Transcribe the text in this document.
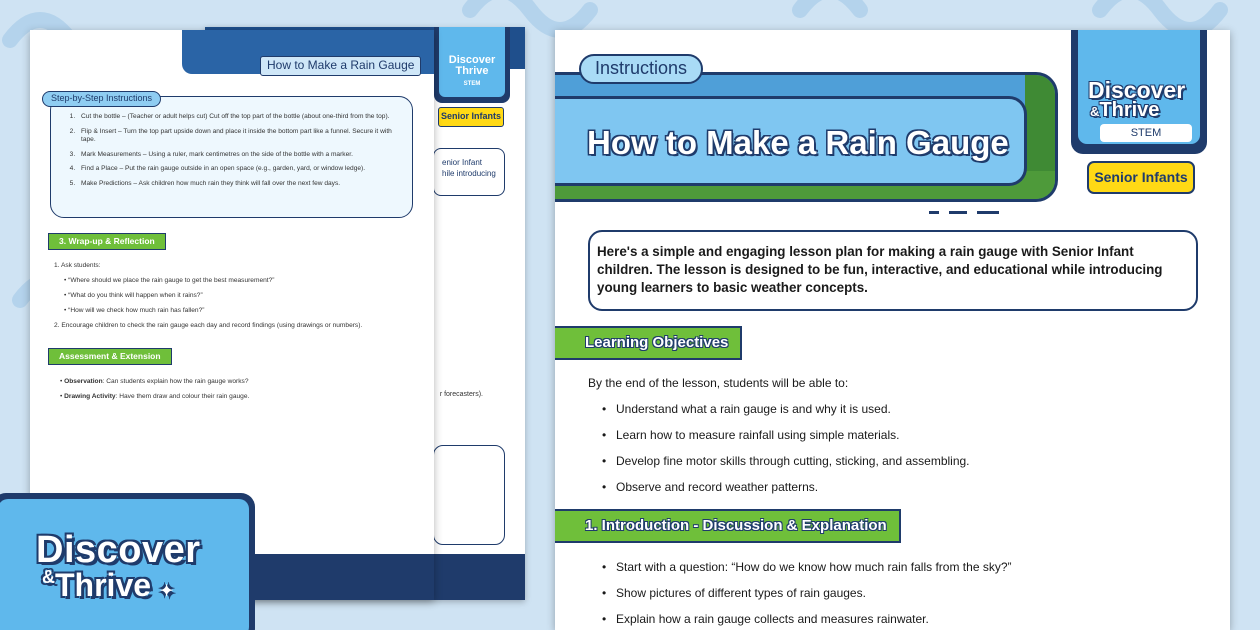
Discover
Thrive
STEM
Senior Infants
enior Infant
hile introducing
r forecasters).
How to Make a Rain Gauge
1. Cut the bottle – (Teacher or adult helps cut) Cut off the top part of the bottle (about one-third from the top).
2. Flip & Insert – Turn the top part upside down and place it inside the bottom part like a funnel. Secure it with tape.
3. Mark Measurements – Using a ruler, mark centimetres on the side of the bottle with a marker.
4. Find a Place – Put the rain gauge outside in an open space (e.g., garden, yard, or window ledge).
5. Make Predictions – Ask children how much rain they think will fall over the next few days.
Step-by-Step Instructions
3. Wrap-up & Reflection
1. Ask students:
• “Where should we place the rain gauge to get the best measurement?”
• “What do you think will happen when it rains?”
• “How will we check how much rain has fallen?”
2. Encourage children to check the rain gauge each day and record findings (using drawings or numbers).
Assessment & Extension
• Observation: Can students explain how the rain gauge works?
• Drawing Activity: Have them draw and colour their rain gauge.
Discover
&Thrive ✦
How to Make a Rain Gauge
Instructions
Discover
&Thrive
STEM
Senior Infants
Here's a simple and engaging lesson plan for making a rain gauge with Senior Infant children. The lesson is designed to be fun, interactive, and educational while introducing young learners to basic weather concepts.
Learning Objectives
By the end of the lesson, students will be able to:
• Understand what a rain gauge is and why it is used.
• Learn how to measure rainfall using simple materials.
• Develop fine motor skills through cutting, sticking, and assembling.
• Observe and record weather patterns.
1. Introduction - Discussion & Explanation
• Start with a question: “How do we know how much rain falls from the sky?”
• Show pictures of different types of rain gauges.
• Explain how a rain gauge collects and measures rainwater.
